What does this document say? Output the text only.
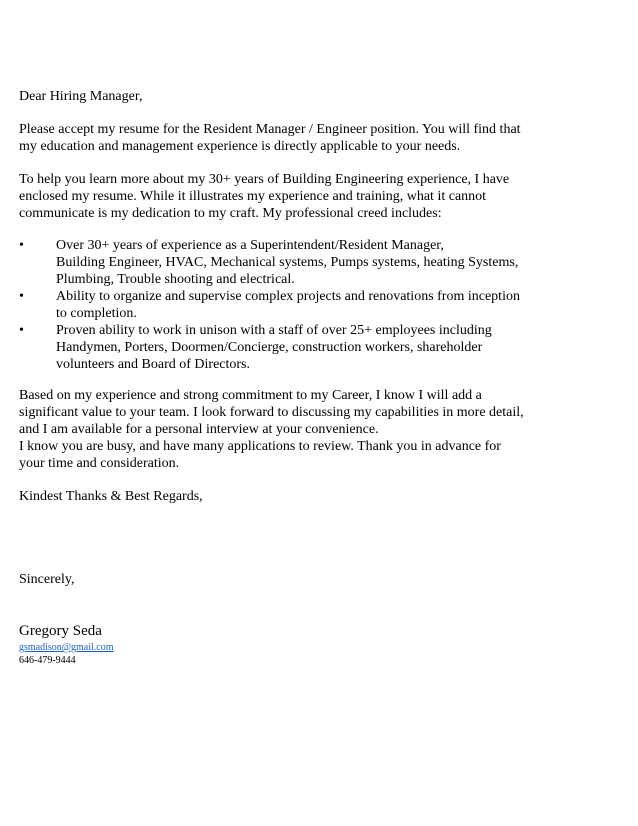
Dear Hiring Manager,
Please accept my resume for the Resident Manager / Engineer position. You will find that
my education and management experience is directly applicable to your needs.
To help you learn more about my 30+ years of Building Engineering experience, I have
enclosed my resume. While it illustrates my experience and training, what it cannot
communicate is my dedication to my craft. My professional creed includes:
• Over 30+ years of experience as a Superintendent/Resident Manager,
Building Engineer, HVAC, Mechanical systems, Pumps systems, heating Systems,
Plumbing, Trouble shooting and electrical.
• Ability to organize and supervise complex projects and renovations from inception
to completion.
• Proven ability to work in unison with a staff of over 25+ employees including
Handymen, Porters, Doormen/Concierge, construction workers, shareholder
volunteers and Board of Directors.
Based on my experience and strong commitment to my Career, I know I will add a
significant value to your team. I look forward to discussing my capabilities in more detail,
and I am available for a personal interview at your convenience.
I know you are busy, and have many applications to review. Thank you in advance for
your time and consideration.
Kindest Thanks & Best Regards,
Sincerely,
Gregory Seda
gsmadison@gmail.com
646-479-9444
